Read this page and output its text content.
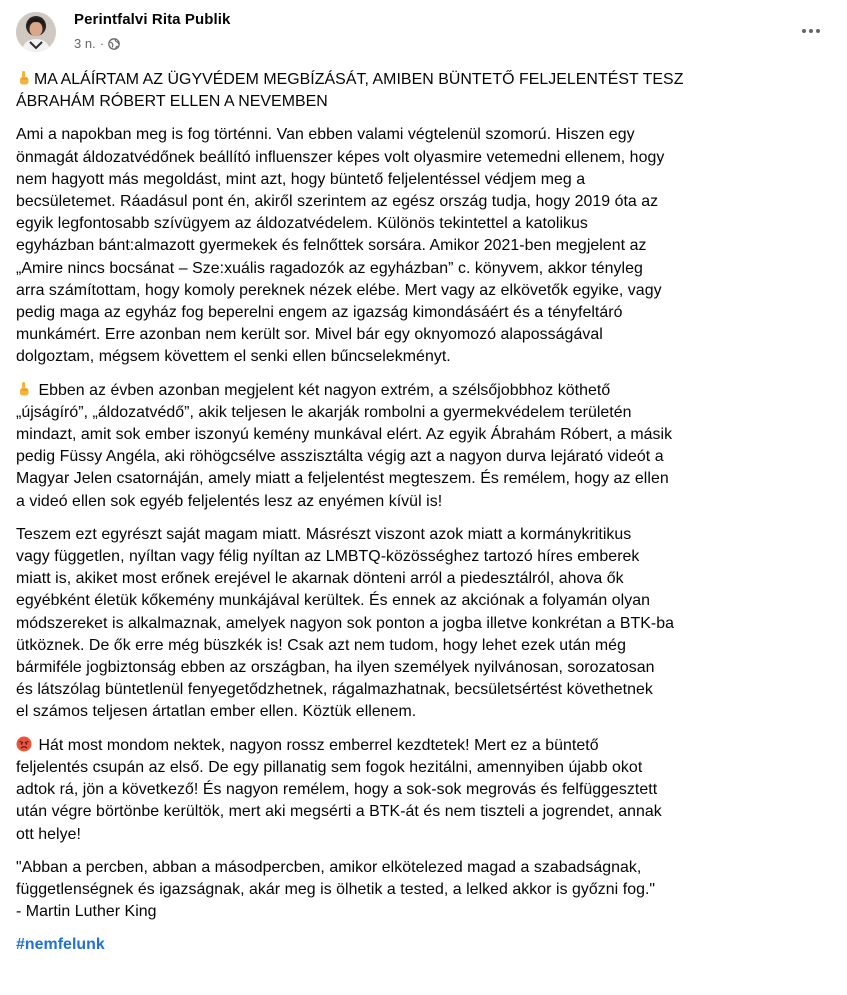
Perintfalvi Rita Publik
3 n. ·

MA ALÁÍRTAM AZ ÜGYVÉDEM MEGBÍZÁSÁT, AMIBEN BÜNTETŐ FELJELENTÉST TESZ
ÁBRAHÁM RÓBERT ELLEN A NEVEMBEN

Ami a napokban meg is fog történni. Van ebben valami végtelenül szomorú. Hiszen egy
önmagát áldozatvédőnek beállító influenszer képes volt olyasmire vetemedni ellenem, hogy
nem hagyott más megoldást, mint azt, hogy büntető feljelentéssel védjem meg a
becsületemet. Ráadásul pont én, akiről szerintem az egész ország tudja, hogy 2019 óta az
egyik legfontosabb szívügyem az áldozatvédelem. Különös tekintettel a katolikus
egyházban bánt:almazott gyermekek és felnőttek sorsára. Amikor 2021-ben megjelent az
„Amire nincs bocsánat – Sze:xuális ragadozók az egyházban” c. könyvem, akkor tényleg
arra számítottam, hogy komoly pereknek nézek elébe. Mert vagy az elkövetők egyike, vagy
pedig maga az egyház fog beperelni engem az igazság kimondásáért és a tényfeltáró
munkámért. Erre azonban nem került sor. Mivel bár egy oknyomozó alaposságával
dolgoztam, mégsem követtem el senki ellen bűncselekményt.

Ebben az évben azonban megjelent két nagyon extrém, a szélsőjobbhoz köthető
„újságíró”, „áldozatvédő”, akik teljesen le akarják rombolni a gyermekvédelem területén
mindazt, amit sok ember iszonyú kemény munkával elért. Az egyik Ábrahám Róbert, a másik
pedig Füssy Angéla, aki röhögcsélve asszisztálta végig azt a nagyon durva lejárató videót a
Magyar Jelen csatornáján, amely miatt a feljelentést megteszem. És remélem, hogy az ellen
a videó ellen sok egyéb feljelentés lesz az enyémen kívül is!

Teszem ezt egyrészt saját magam miatt. Másrészt viszont azok miatt a kormánykritikus
vagy független, nyíltan vagy félig nyíltan az LMBTQ-közösséghez tartozó híres emberek
miatt is, akiket most erőnek erejével le akarnak dönteni arról a piedesztálról, ahova ők
egyébként életük kőkemény munkájával kerültek. És ennek az akciónak a folyamán olyan
módszereket is alkalmaznak, amelyek nagyon sok ponton a jogba illetve konkrétan a BTK-ba
ütköznek. De ők erre még büszkék is! Csak azt nem tudom, hogy lehet ezek után még
bármiféle jogbiztonság ebben az országban, ha ilyen személyek nyilvánosan, sorozatosan
és látszólag büntetlenül fenyegetődzhetnek, rágalmazhatnak, becsületsértést követhetnek
el számos teljesen ártatlan ember ellen. Köztük ellenem.

Hát most mondom nektek, nagyon rossz emberrel kezdtetek! Mert ez a büntető
feljelentés csupán az első. De egy pillanatig sem fogok hezitálni, amennyiben újabb okot
adtok rá, jön a következő! És nagyon remélem, hogy a sok-sok megrovás és felfüggesztett
után végre börtönbe kerültök, mert aki megsérti a BTK-át és nem tiszteli a jogrendet, annak
ott helye!

"Abban a percben, abban a másodpercben, amikor elkötelezed magad a szabadságnak,
függetlenségnek és igazságnak, akár meg is ölhetik a tested, a lelked akkor is győzni fog."
- Martin Luther King

#nemfelunk
